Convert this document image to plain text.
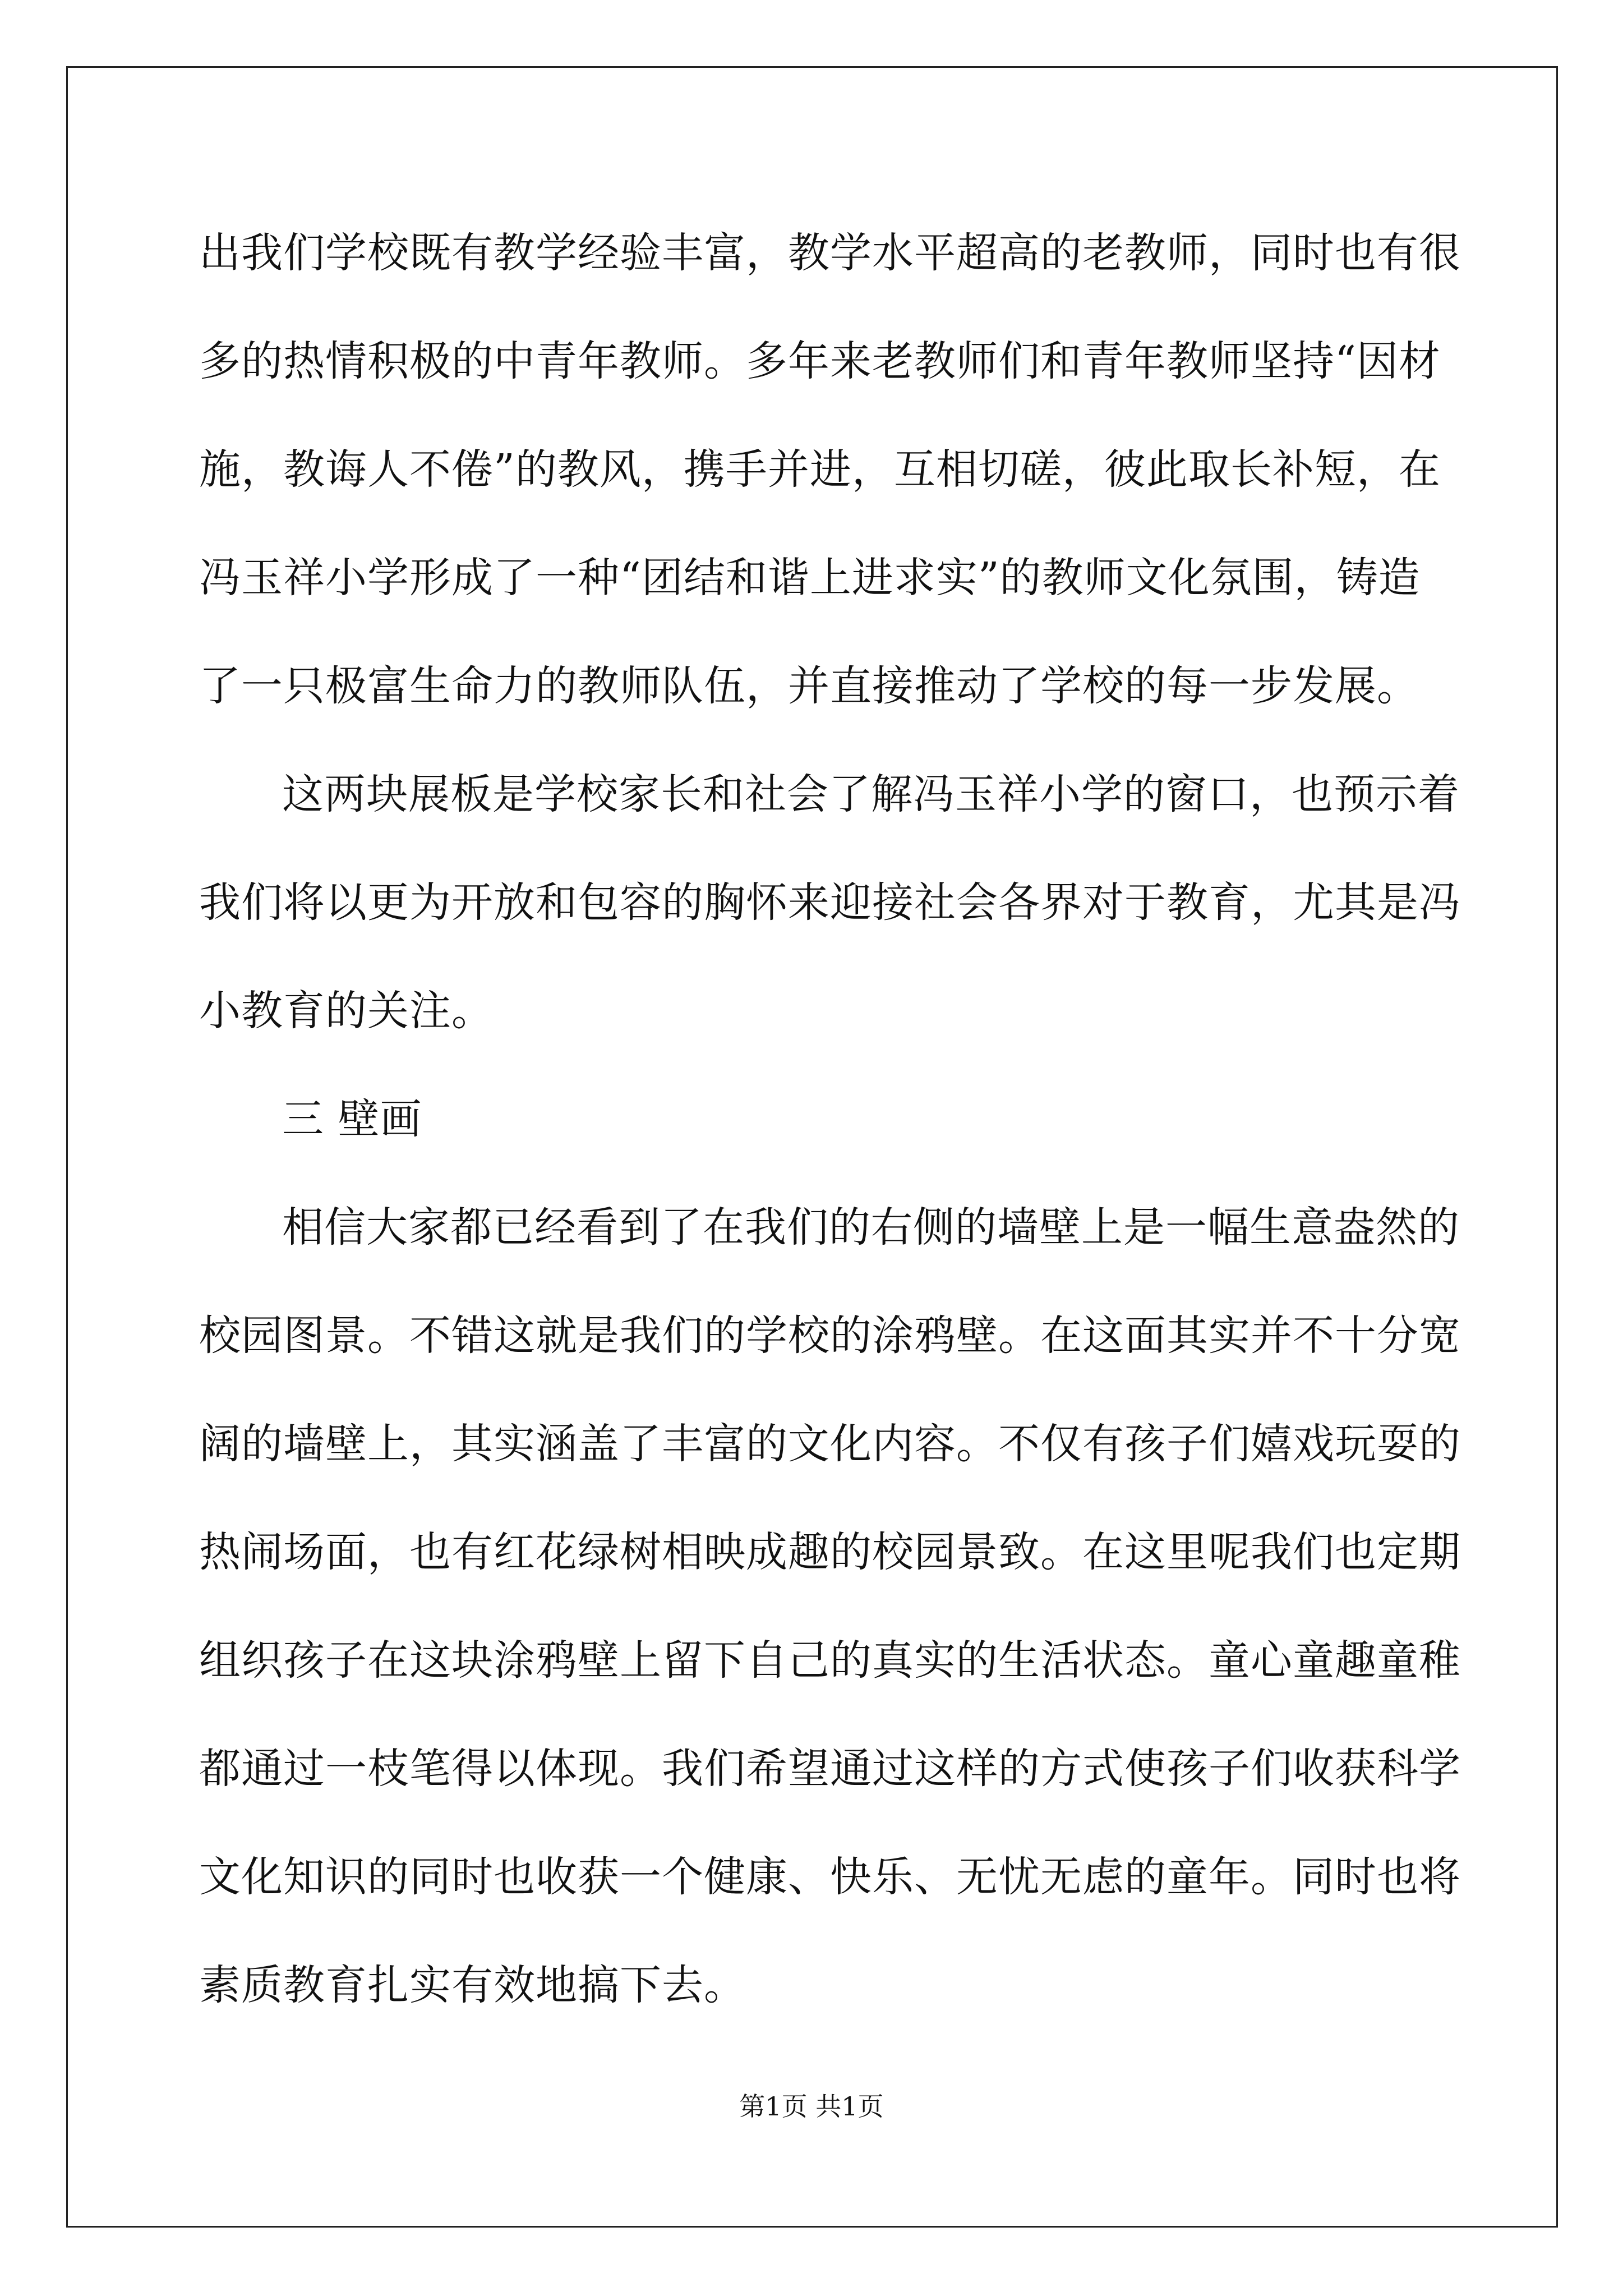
出我们学校既有教学经验丰富，教学水平超高的老教师，同时也有很
多的热情积极的中青年教师。多年来老教师们和青年教师坚持“因材
施，教诲人不倦”的教风，携手并进，互相切磋，彼此取长补短，在
冯玉祥小学形成了一种“团结和谐上进求实”的教师文化氛围，铸造
了一只极富生命力的教师队伍，并直接推动了学校的每一步发展。
这两块展板是学校家长和社会了解冯玉祥小学的窗口，也预示着
我们将以更为开放和包容的胸怀来迎接社会各界对于教育，尤其是冯
小教育的关注。
三 壁画
相信大家都已经看到了在我们的右侧的墙壁上是一幅生意盎然的
校园图景。不错这就是我们的学校的涂鸦壁。在这面其实并不十分宽
阔的墙壁上，其实涵盖了丰富的文化内容。不仅有孩子们嬉戏玩耍的
热闹场面，也有红花绿树相映成趣的校园景致。在这里呢我们也定期
组织孩子在这块涂鸦壁上留下自己的真实的生活状态。童心童趣童稚
都通过一枝笔得以体现。我们希望通过这样的方式使孩子们收获科学
文化知识的同时也收获一个健康、快乐、无忧无虑的童年。同时也将
素质教育扎实有效地搞下去。
第1页 共1页
